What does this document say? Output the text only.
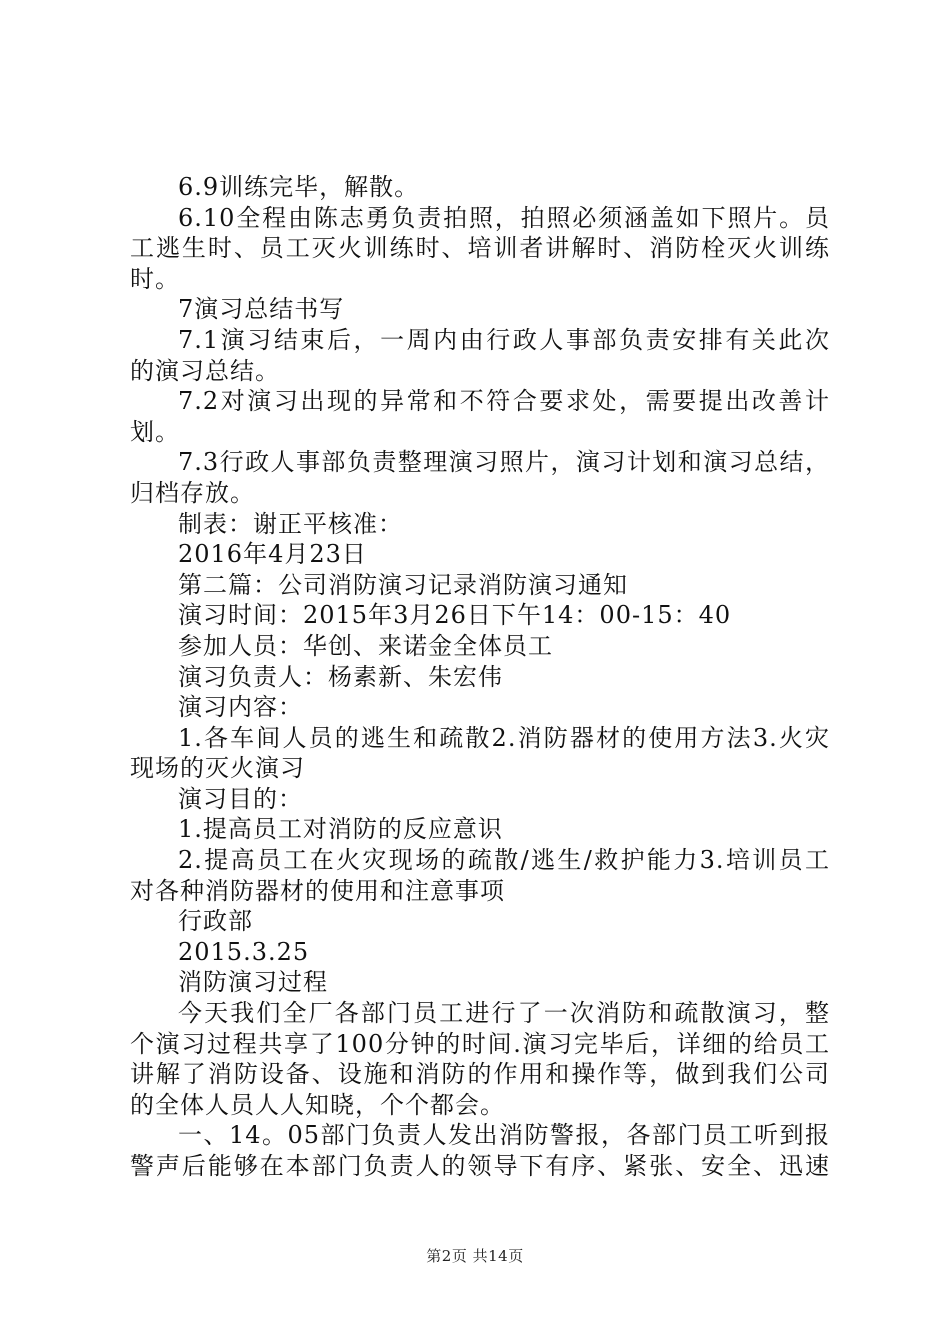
6.9训练完毕，解散。
6.10全程由陈志勇负责拍照，拍照必须涵盖如下照片。员
工逃生时、员工灭火训练时、培训者讲解时、消防栓灭火训练
时。
7演习总结书写
7.1演习结束后，一周内由行政人事部负责安排有关此次
的演习总结。
7.2对演习出现的异常和不符合要求处，需要提出改善计
划。
7.3行政人事部负责整理演习照片，演习计划和演习总结，
归档存放。
制表：谢正平核准：
2016年4月23日
第二篇：公司消防演习记录消防演习通知
演习时间：2015年3月26日下午14：00-15：40
参加人员：华创、来诺金全体员工
演习负责人：杨素新、朱宏伟
演习内容：
1.各车间人员的逃生和疏散2.消防器材的使用方法3.火灾
现场的灭火演习
演习目的：
1.提高员工对消防的反应意识
2.提高员工在火灾现场的疏散/逃生/救护能力3.培训员工
对各种消防器材的使用和注意事项
行政部
2015.3.25
消防演习过程
今天我们全厂各部门员工进行了一次消防和疏散演习，整
个演习过程共享了100分钟的时间.演习完毕后，详细的给员工
讲解了消防设备、设施和消防的作用和操作等，做到我们公司
的全体人员人人知晓，个个都会。
一、14。05部门负责人发出消防警报，各部门员工听到报
警声后能够在本部门负责人的领导下有序、紧张、安全、迅速
第2页 共14页
